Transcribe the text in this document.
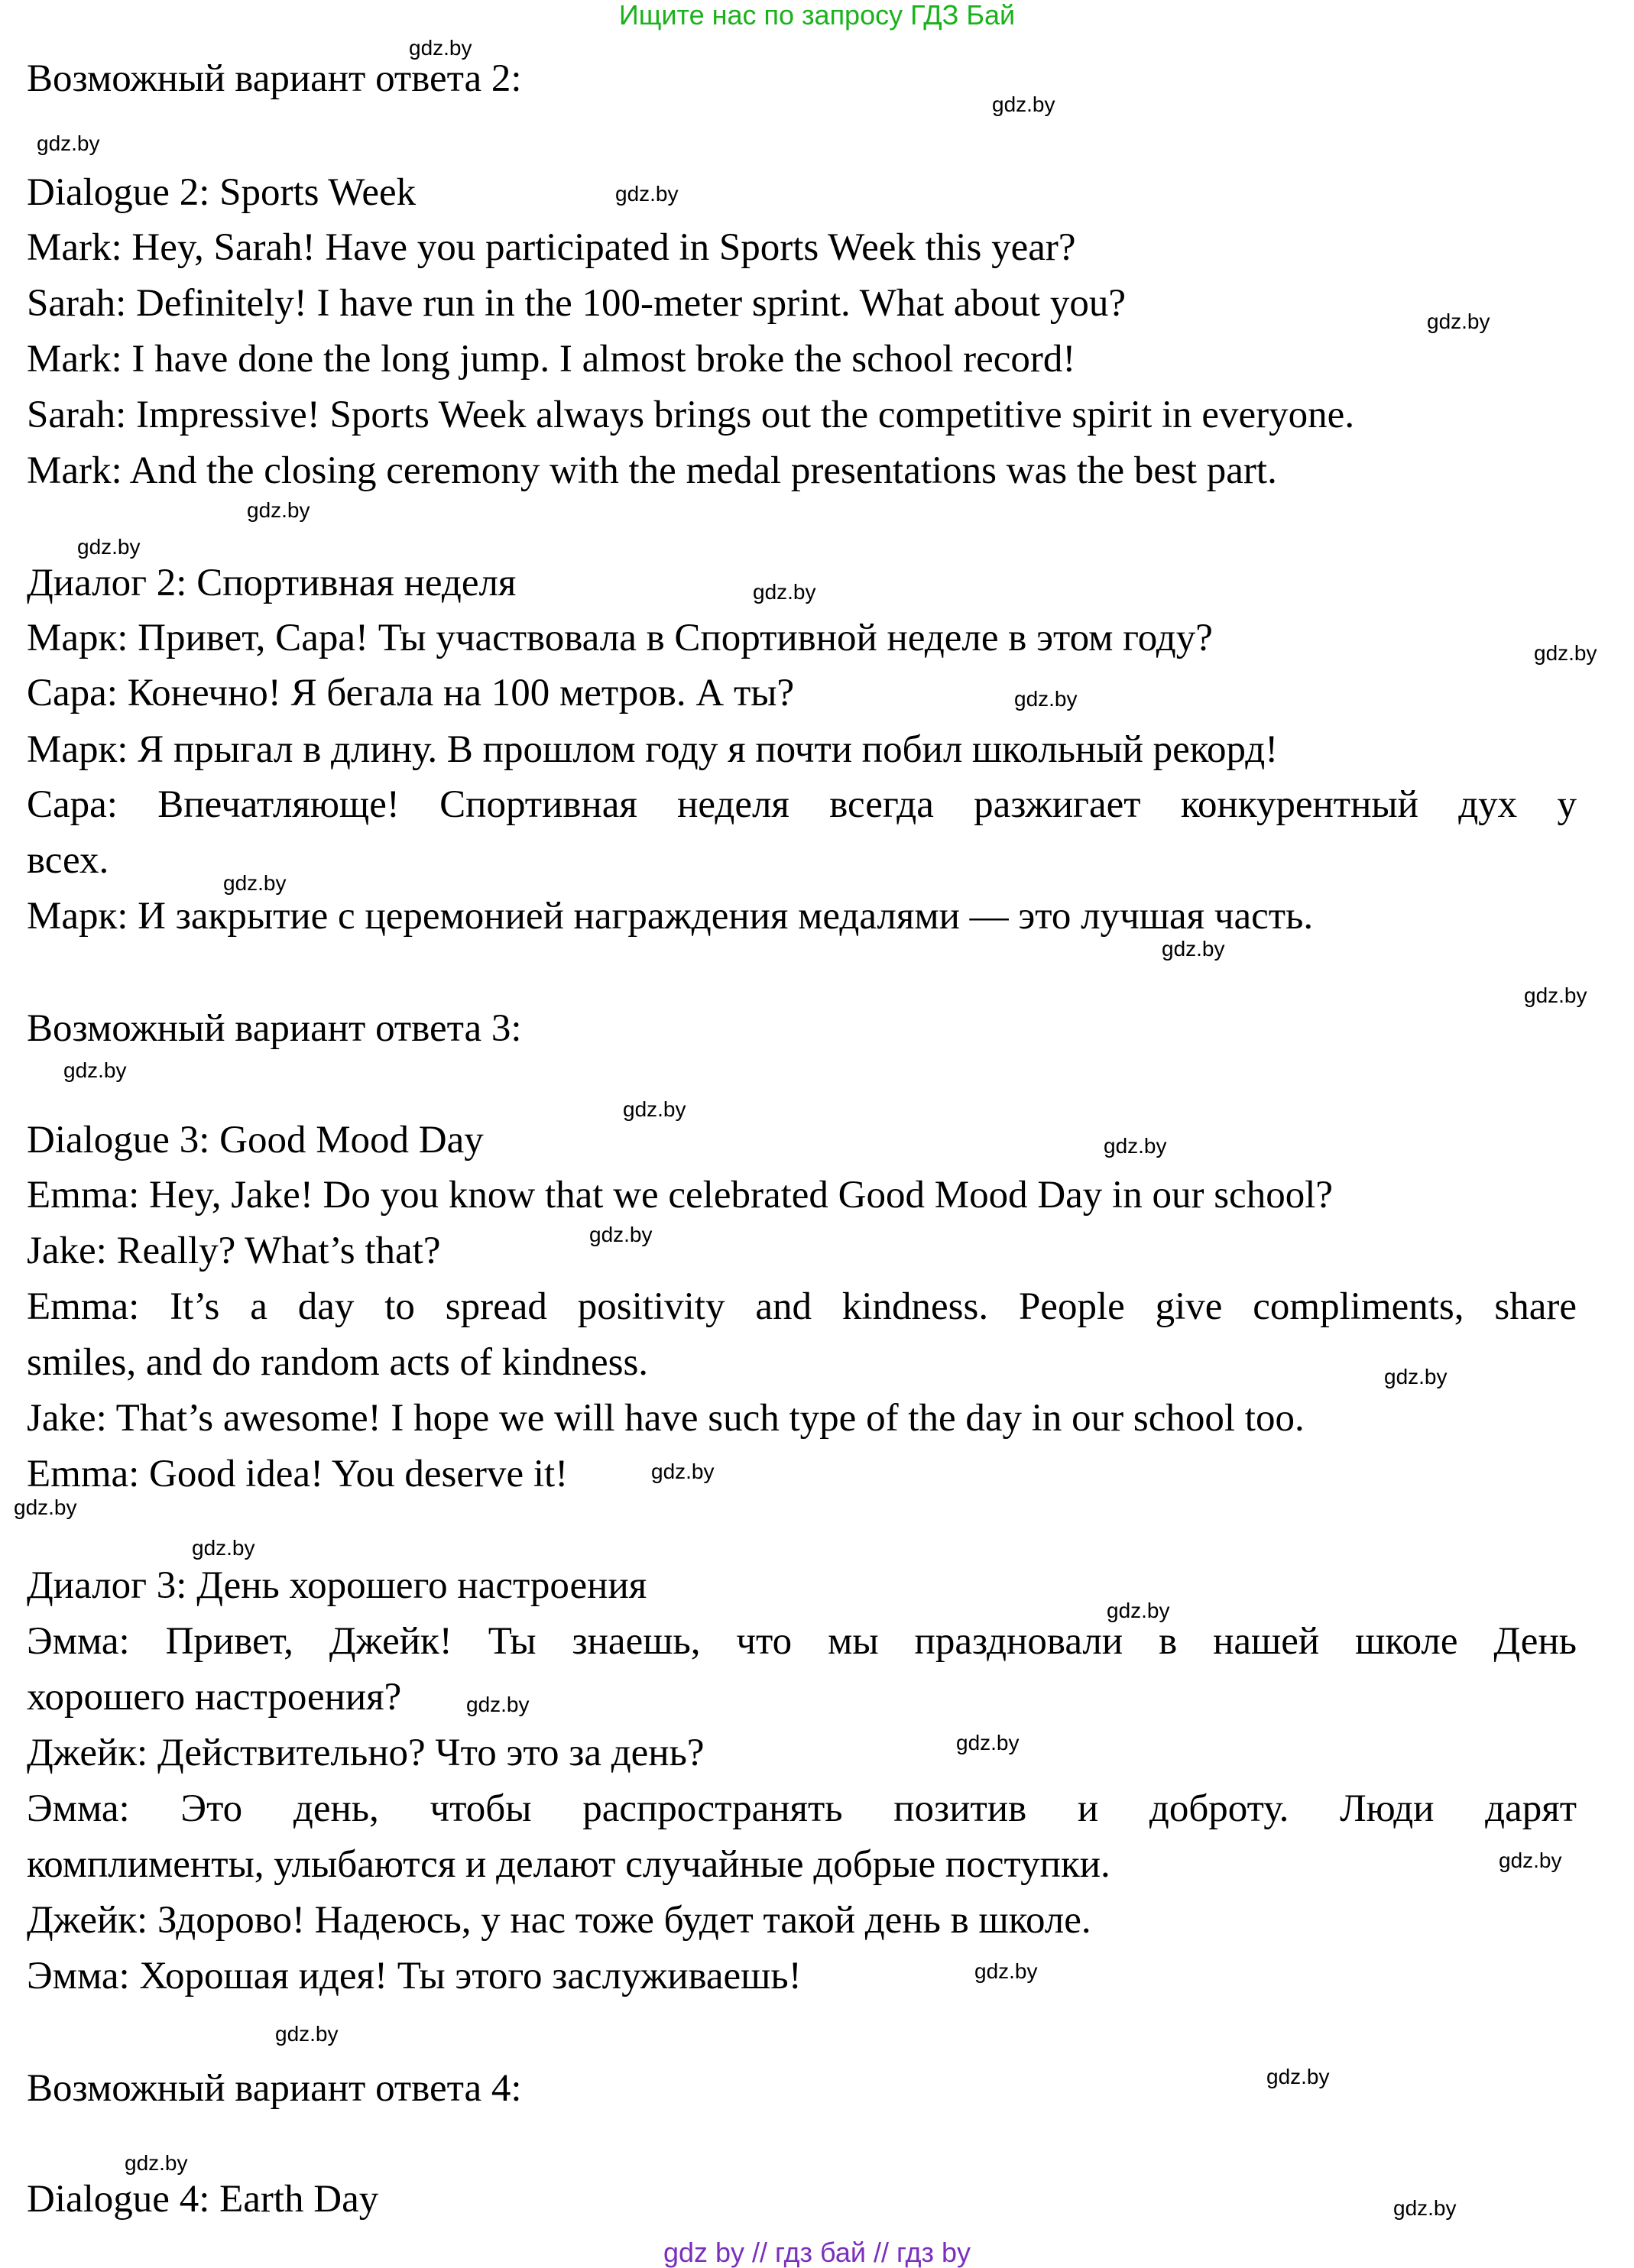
Ищите нас по запросу ГДЗ Бай
Возможный вариант ответа 2:
Dialogue 2: Sports Week
Mark: Hey, Sarah! Have you participated in Sports Week this year?
Sarah: Definitely! I have run in the 100-meter sprint. What about you?
Mark: I have done the long jump. I almost broke the school record!
Sarah: Impressive! Sports Week always brings out the competitive spirit in everyone.
Mark: And the closing ceremony with the medal presentations was the best part.
Диалог 2: Спортивная неделя
Марк: Привет, Сара! Ты участвовала в Спортивной неделе в этом году?
Сара: Конечно! Я бегала на 100 метров. А ты?
Марк: Я прыгал в длину. В прошлом году я почти побил школьный рекорд!
Сара: Впечатляюще! Спортивная неделя всегда разжигает конкурентный дух у
всех.
Марк: И закрытие с церемонией награждения медалями — это лучшая часть.
Возможный вариант ответа 3:
Dialogue 3: Good Mood Day
Emma: Hey, Jake! Do you know that we celebrated Good Mood Day in our school?
Jake: Really? What’s that?
Emma: It’s a day to spread positivity and kindness. People give compliments, share
smiles, and do random acts of kindness.
Jake: That’s awesome! I hope we will have such type of the day in our school too.
Emma: Good idea! You deserve it!
Диалог 3: День хорошего настроения
Эмма: Привет, Джейк! Ты знаешь, что мы праздновали в нашей школе День
хорошего настроения?
Джейк: Действительно? Что это за день?
Эмма: Это день, чтобы распространять позитив и доброту. Люди дарят
комплименты, улыбаются и делают случайные добрые поступки.
Джейк: Здорово! Надеюсь, у нас тоже будет такой день в школе.
Эмма: Хорошая идея! Ты этого заслуживаешь!
Возможный вариант ответа 4:
Dialogue 4: Earth Day
gdz.by
gdz.by
gdz.by
gdz.by
gdz.by
gdz.by
gdz.by
gdz.by
gdz.by
gdz.by
gdz.by
gdz.by
gdz.by
gdz.by
gdz.by
gdz.by
gdz.by
gdz.by
gdz.by
gdz.by
gdz.by
gdz.by
gdz.by
gdz.by
gdz.by
gdz.by
gdz.by
gdz.by
gdz.by
gdz.by
gdz by // гдз бай // гдз by
